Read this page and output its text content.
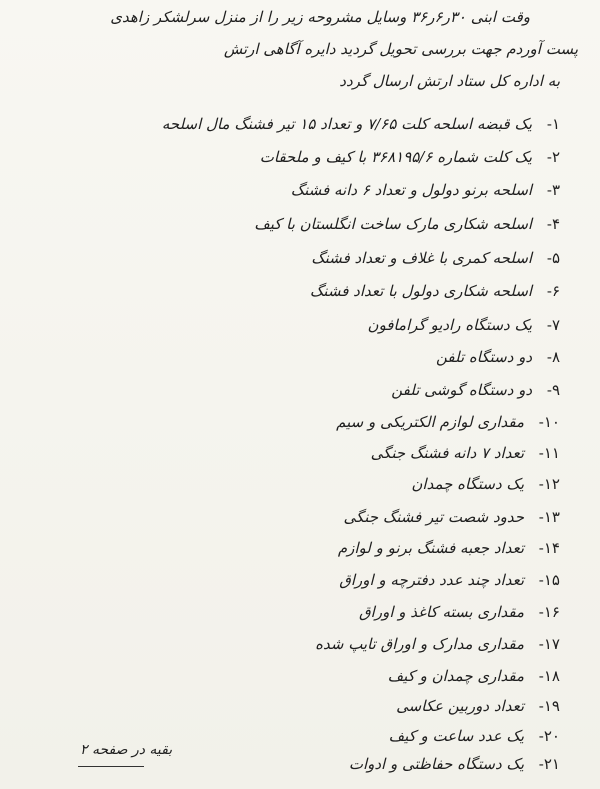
وقت ابنی ۳۰ر۶ر۳۶ وسایل مشروحه زیر را از منزل سرلشکر زاهدی
پست آوردم جهت بررسی تحویل گردید دایره آگاهی ارتش
به اداره کل ستاد ارتش ارسال گردد
۱- یک قبضه اسلحه کلت ۷/۶۵ و تعداد ۱۵ تیر فشنگ مال اسلحه
۲- یک کلت شماره ۳۶۸۱۹۵/۶ با کیف و ملحقات
۳- اسلحه برنو دولول و تعداد ۶ دانه فشنگ
۴- اسلحه شکاری مارک ساخت انگلستان با کیف
۵- اسلحه کمری با غلاف و تعداد فشنگ
۶- اسلحه شکاری دولول با تعداد فشنگ
۷- یک دستگاه رادیو گرامافون
۸- دو دستگاه تلفن
۹- دو دستگاه گوشی تلفن
۱۰- مقداری لوازم الکتریکی و سیم
۱۱- تعداد ۷ دانه فشنگ جنگی
۱۲- یک دستگاه چمدان
۱۳- حدود شصت تیر فشنگ جنگی
۱۴- تعداد جعبه فشنگ برنو و لوازم
۱۵- تعداد چند عدد دفترچه و اوراق
۱۶- مقداری بسته کاغذ و اوراق
۱۷- مقداری مدارک و اوراق تایپ شده
۱۸- مقداری چمدان و کیف
۱۹- تعداد دوربین عکاسی
۲۰- یک عدد ساعت و کیف
۲۱- یک دستگاه حفاظتی و ادوات
بقیه در صفحه ۲
